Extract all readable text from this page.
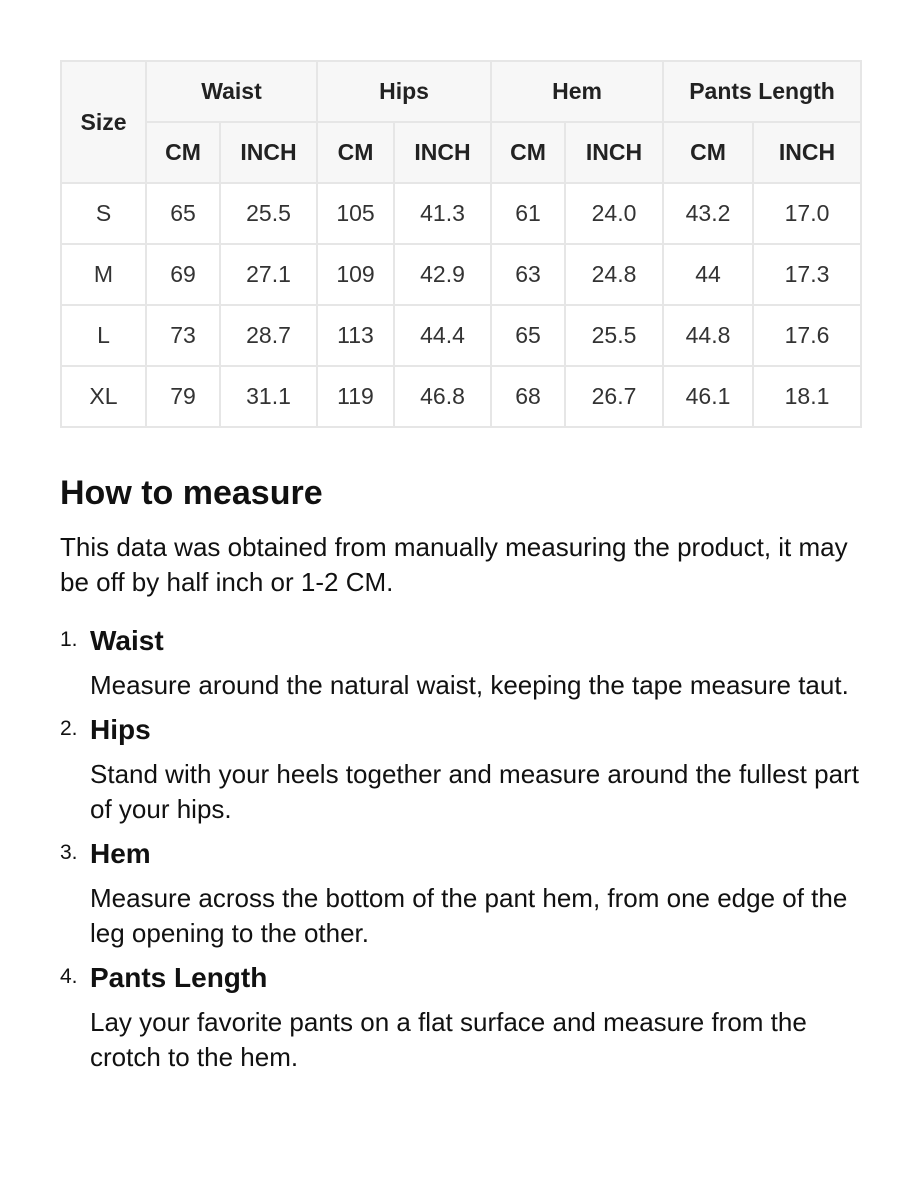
Size	Waist		Hips		Hem		Pants Length	
	CM	INCH	CM	INCH	CM	INCH	CM	INCH
S	65	25.5	105	41.3	61	24.0	43.2	17.0
M	69	27.1	109	42.9	63	24.8	44	17.3
L	73	28.7	113	44.4	65	25.5	44.8	17.6
XL	79	31.1	119	46.8	68	26.7	46.1	18.1
How to measure

This data was obtained from manually measuring the product, it may be off by half inch or 1-2 CM.

1. Waist
Measure around the natural waist, keeping the tape measure taut.
2. Hips
Stand with your heels together and measure around the fullest part of your hips.
3. Hem
Measure across the bottom of the pant hem, from one edge of the leg opening to the other.
4. Pants Length
Lay your favorite pants on a flat surface and measure from the crotch to the hem.
